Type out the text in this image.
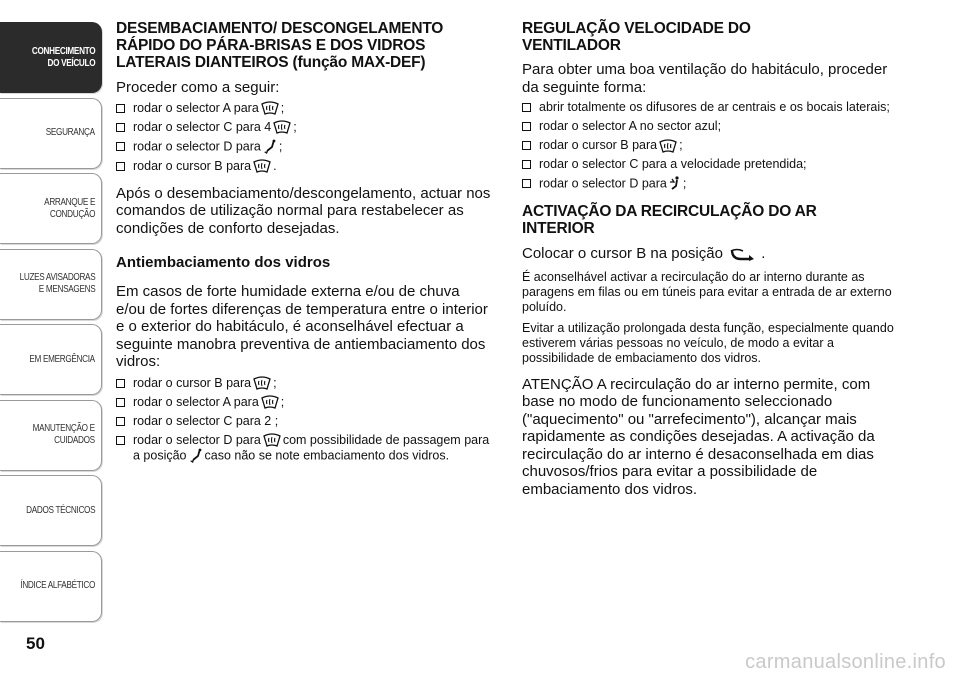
CONHECIMENTO
DO VEÍCULO
SEGURANÇA
ARRANQUE E
CONDUÇÃO
LUZES AVISADORAS
E MENSAGENS
EM EMERGÊNCIA
MANUTENÇÃO E
CUIDADOS
DADOS TÉCNICOS
ÍNDICE ALFABÉTICO
50
DESEMBACIAMENTO/ DESCONGELAMENTO RÁPIDO DO PÁRA-BRISAS E DOS VIDROS LATERAIS DIANTEIROS (função MAX-DEF)

Proceder como a seguir:

rodar o selector A para ;
rodar o selector C para 4 ;
rodar o selector D para ;
rodar o cursor B para .

Após o desembaciamento/descongelamento, actuar nos comandos de utilização normal para restabelecer as condições de conforto desejadas.

Antiembaciamento dos vidros

Em casos de forte humidade externa e/ou de chuva e/ou de fortes diferenças de temperatura entre o interior e o exterior do habitáculo, é aconselhável efectuar a seguinte manobra preventiva de antiembaciamento dos vidros:

rodar o cursor B para ;
rodar o selector A para ;
rodar o selector C para 2 ;
rodar o selector D para com possibilidade de passagem para a posição caso não se note embaciamento dos vidros.
REGULAÇÃO VELOCIDADE DO VENTILADOR

Para obter uma boa ventilação do habitáculo, proceder da seguinte forma:

abrir totalmente os difusores de ar centrais e os bocais laterais;
rodar o selector A no sector azul;
rodar o cursor B para ;
rodar o selector C para a velocidade pretendida;
rodar o selector D para ;
ACTIVAÇÃO DA RECIRCULAÇÃO DO AR INTERIOR

Colocar o cursor B na posição	.

É aconselhável activar a recirculação do ar interno durante as paragens em filas ou em túneis para evitar a entrada de ar externo poluído.

Evitar a utilização prolongada desta função, especialmente quando estiverem várias pessoas no veículo, de modo a evitar a possibilidade de embaciamento dos vidros.

ATENÇÃO A recirculação do ar interno permite, com base no modo de funcionamento seleccionado ("aquecimento" ou "arrefecimento"), alcançar mais rapidamente as condições desejadas. A activação da recirculação do ar interno é desaconselhada em dias chuvosos/frios para evitar a possibilidade de embaciamento dos vidros.

carmanualsonline.info
